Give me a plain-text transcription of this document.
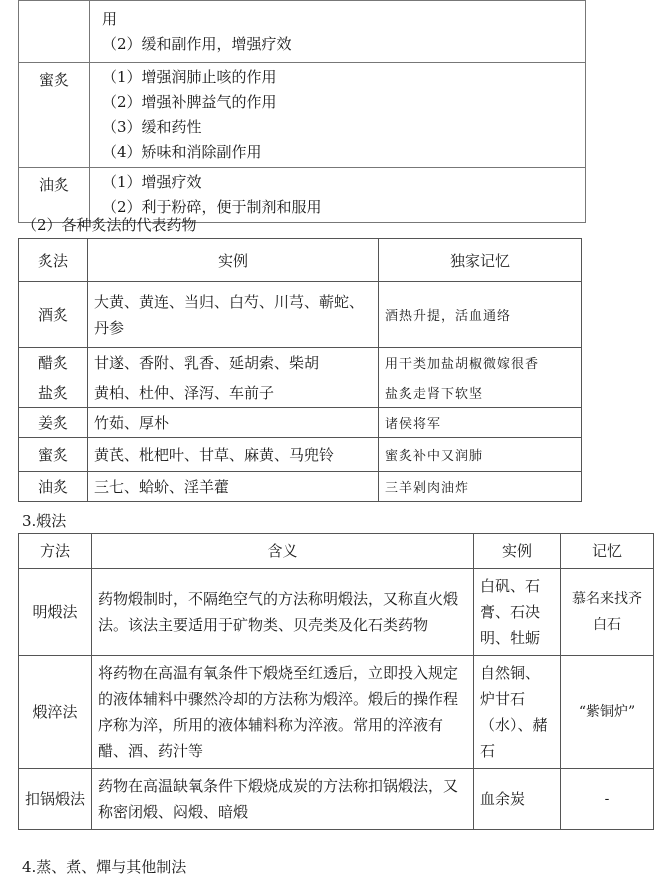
	用
（2）缓和副作用，增强疗效

蜜炙	（1）增强润肺止咳的作用
（2）增强补脾益气的作用
（3）缓和药性
（4）矫味和消除副作用

油炙	（1）增强疗效
（2）利于粉碎，便于制剂和服用
（2）各种炙法的代表药物
炙法	实例	独家记忆
酒炙	大黄、黄连、当归、白芍、川芎、蕲蛇、丹参	酒热升提，活血通络
醋炙	甘遂、香附、乳香、延胡索、柴胡	用干类加盐胡椒微嫁很香
盐炙	黄柏、杜仲、泽泻、车前子	盐炙走肾下软坚
姜炙	竹茹、厚朴	诸侯将军
蜜炙	黄芪、枇杷叶、甘草、麻黄、马兜铃	蜜炙补中又润肺
油炙	三七、蛤蚧、淫羊藿	三羊剁肉油炸
3.煅法
方法	含义	实例	记忆
明煅法	药物煅制时，不隔绝空气的方法称明煅法，又称直火煅法。该法主要适用于矿物类、贝壳类及化石类药物	白矾、石膏、石决明、牡蛎	慕名来找齐白石
煅淬法	将药物在高温有氧条件下煅烧至红透后，立即投入规定的液体辅料中骤然冷却的方法称为煅淬。煅后的操作程序称为淬，所用的液体辅料称为淬液。常用的淬液有醋、酒、药汁等	自然铜、炉甘石（水）、赭石	“紫铜炉”
扣锅煅法	药物在高温缺氧条件下煅烧成炭的方法称扣锅煅法，又称密闭煅、闷煅、暗煅	血余炭	-
4.蒸、煮、燀与其他制法
